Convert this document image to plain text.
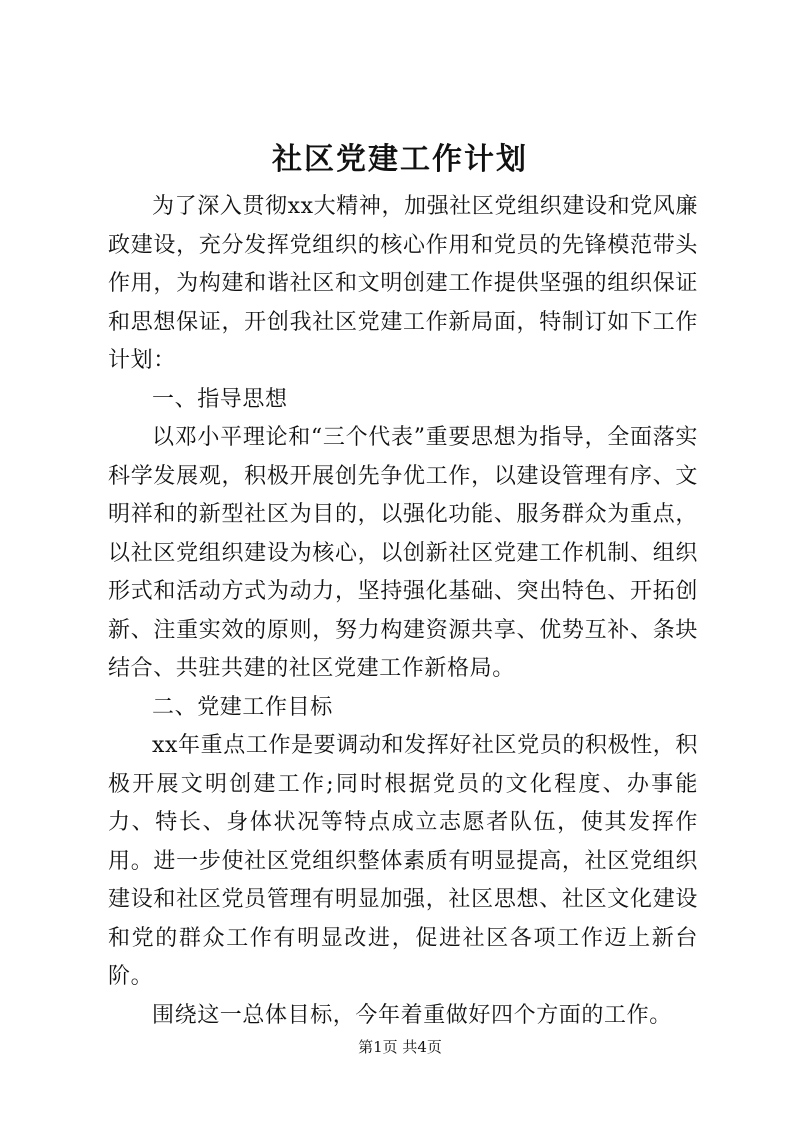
社区党建工作计划

为了深入贯彻xx大精神，加强社区党组织建设和党风廉政建设，充分发挥党组织的核心作用和党员的先锋模范带头作用，为构建和谐社区和文明创建工作提供坚强的组织保证和思想保证，开创我社区党建工作新局面，特制订如下工作计划：

一、指导思想

以邓小平理论和“三个代表”重要思想为指导，全面落实科学发展观，积极开展创先争优工作，以建设管理有序、文明祥和的新型社区为目的，以强化功能、服务群众为重点，以社区党组织建设为核心，以创新社区党建工作机制、组织形式和活动方式为动力，坚持强化基础、突出特色、开拓创新、注重实效的原则，努力构建资源共享、优势互补、条块结合、共驻共建的社区党建工作新格局。

二、党建工作目标

xx年重点工作是要调动和发挥好社区党员的积极性，积极开展文明创建工作;同时根据党员的文化程度、办事能力、特长、身体状况等特点成立志愿者队伍，使其发挥作用。进一步使社区党组织整体素质有明显提高，社区党组织建设和社区党员管理有明显加强，社区思想、社区文化建设和党的群众工作有明显改进，促进社区各项工作迈上新台阶。

围绕这一总体目标，今年着重做好四个方面的工作。

第1页 共4页
